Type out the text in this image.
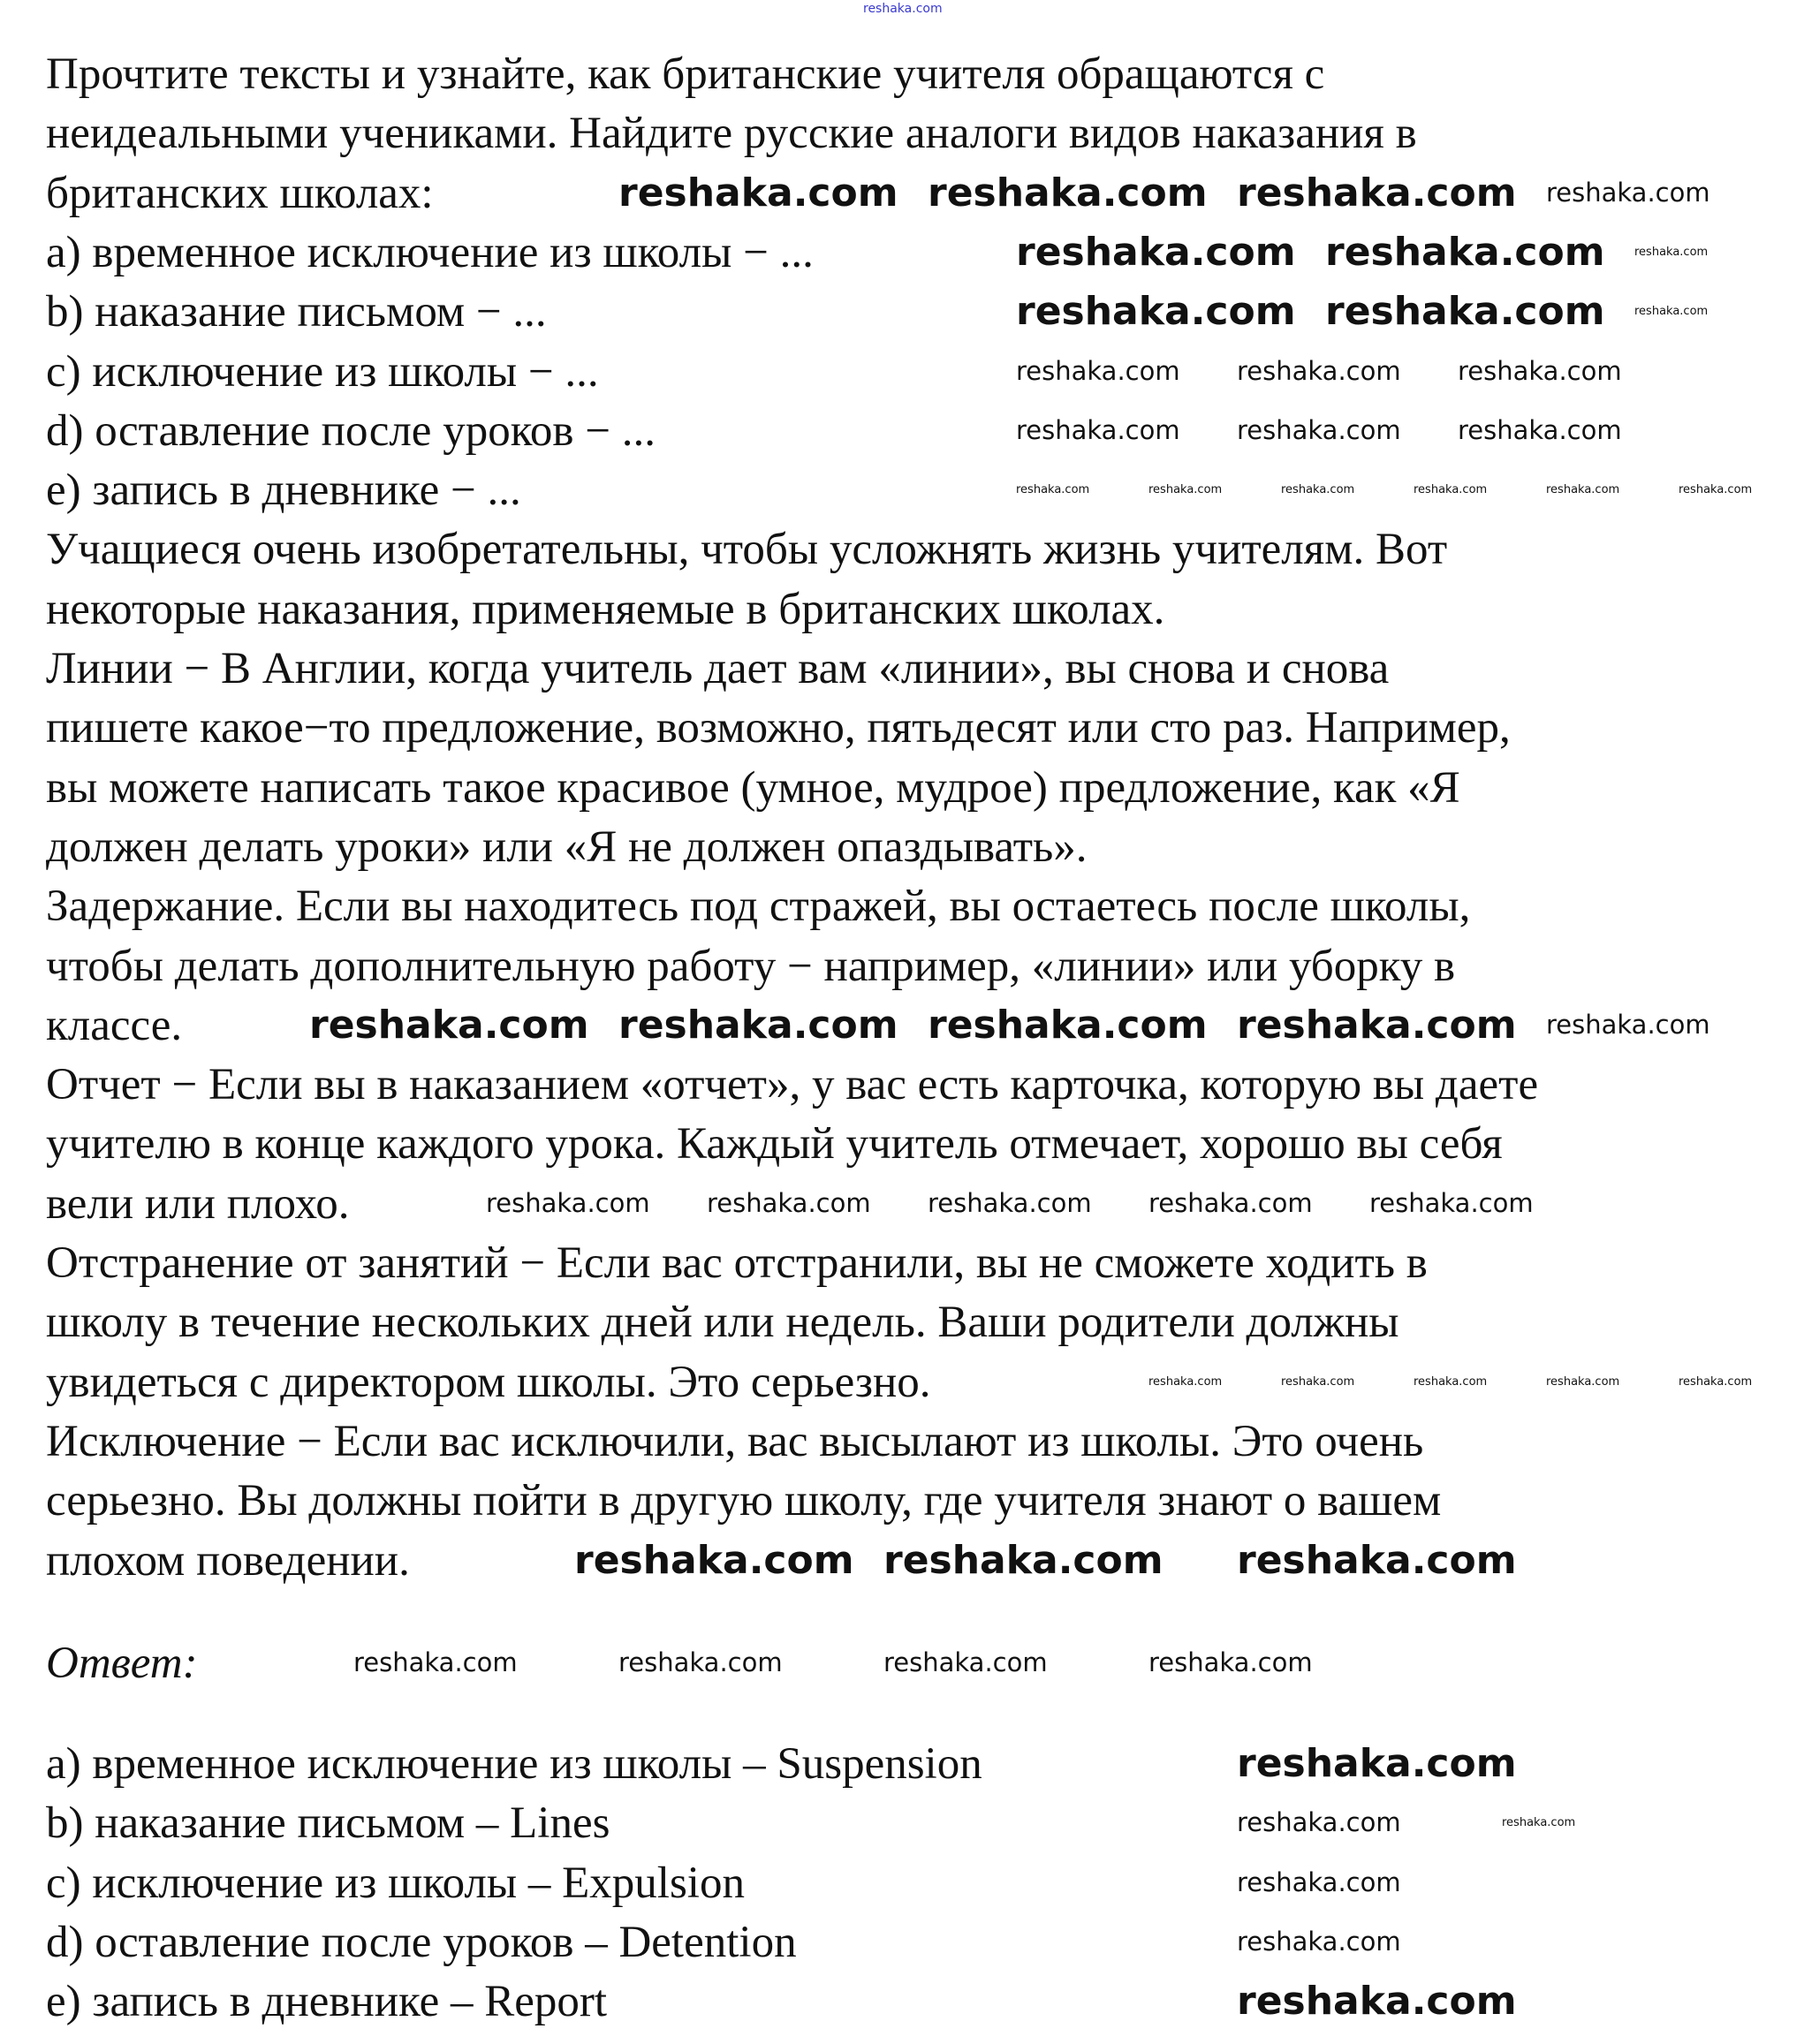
Прочтите тексты и узнайте, как британские учителя обращаются с
неидеальными учениками. Найдите русские аналоги видов наказания в
британских школах:
a) временное исключение из школы − ...
b) наказание письмом − ...
c) исключение из школы − ...
d) оставление после уроков − ...
e) запись в дневнике − ...
Учащиеся очень изобретательны, чтобы усложнять жизнь учителям. Вот
некоторые наказания, применяемые в британских школах.
Линии − В Англии, когда учитель дает вам «линии», вы снова и снова
пишете какое−то предложение, возможно, пятьдесят или сто раз. Например,
вы можете написать такое красивое (умное, мудрое) предложение, как «Я
должен делать уроки» или «Я не должен опаздывать».
Задержание. Если вы находитесь под стражей, вы остаетесь после школы,
чтобы делать дополнительную работу − например, «линии» или уборку в
классе.
Отчет − Если вы в наказанием «отчет», у вас есть карточка, которую вы даете
учителю в конце каждого урока. Каждый учитель отмечает, хорошо вы себя
вели или плохо.
Отстранение от занятий − Если вас отстранили, вы не сможете ходить в
школу в течение нескольких дней или недель. Ваши родители должны
увидеться с директором школы. Это серьезно.
Исключение − Если вас исключили, вас высылают из школы. Это очень
серьезно. Вы должны пойти в другую школу, где учителя знают о вашем
плохом поведении.
Ответ:
a) временное исключение из школы – Suspension
b) наказание письмом – Lines
c) исключение из школы – Expulsion
d) оставление после уроков – Detention
e) запись в дневнике – Report
reshaka.com
reshaka.com reshaka.com reshaka.com reshaka.com
reshaka.com reshaka.com	reshaka.com
reshaka.com reshaka.com	reshaka.com
reshaka.com reshaka.com reshaka.com
reshaka.com reshaka.com reshaka.com
reshaka.com	reshaka.com	reshaka.com	reshaka.com	reshaka.com	reshaka.com
reshaka.com reshaka.com reshaka.com reshaka.com reshaka.com
reshaka.com reshaka.com reshaka.com reshaka.com reshaka.com
reshaka.com	reshaka.com	reshaka.com	reshaka.com	reshaka.com
reshaka.com reshaka.com reshaka.com
reshaka.com	reshaka.com	reshaka.com	reshaka.com
reshaka.com
reshaka.com	reshaka.com
reshaka.com
reshaka.com
reshaka.com
